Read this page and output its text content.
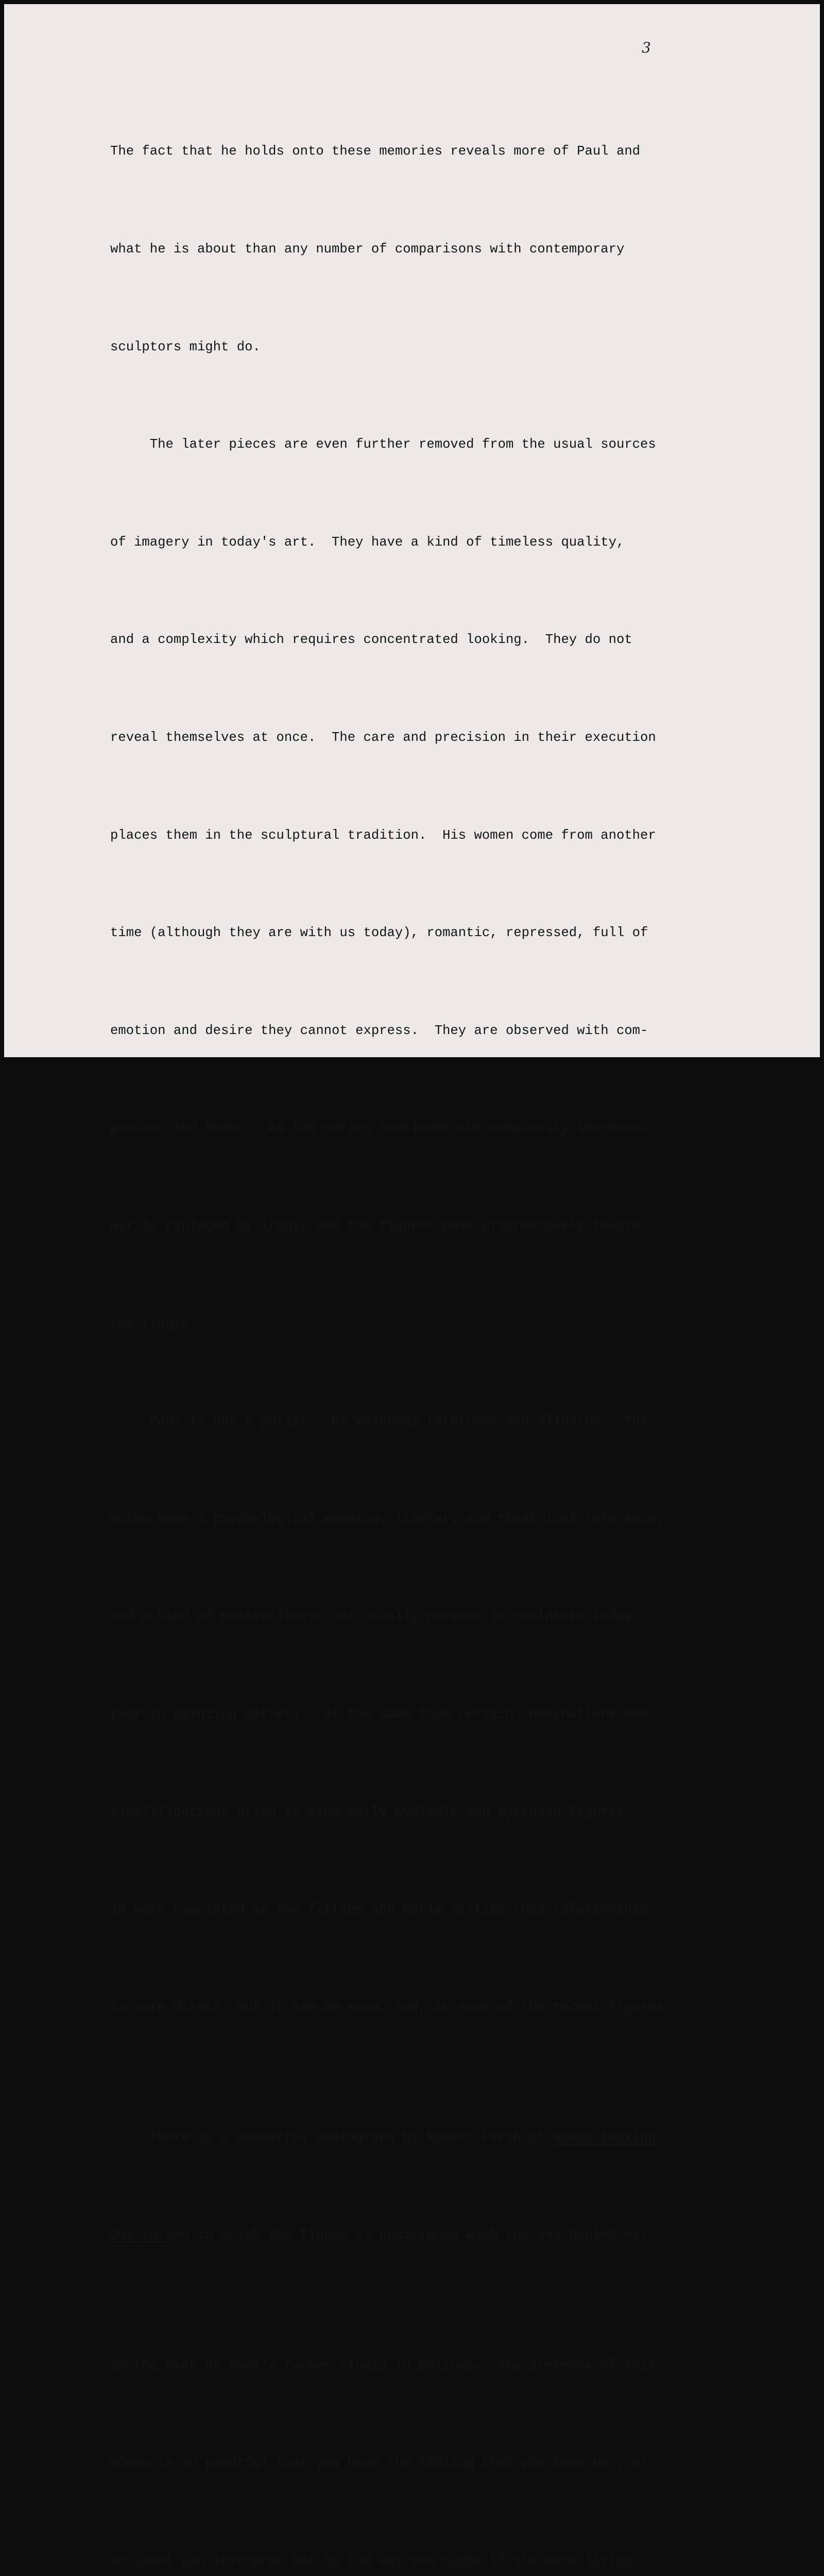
3

The fact that he holds onto these memories reveals more of Paul and

what he is about than any number of comparisons with contemporary

sculptors might do.

The later pieces are even further removed from the usual sources

of imagery in today's art.  They have a kind of timeless quality,

and a complexity which requires concentrated looking.  They do not

reveal themselves at once.  The care and precision in their execution

places them in the sculptural tradition.  His women come from another

time (although they are with us today), romantic, repressed, full of

emotion and desire they cannot express.  They are observed with com-

passion and humor.  As the series continues the complexity increases,

wit is replaced by irony, and the figures move progressively toward

the tragic.

Paul is not a purist.  He welcomes reference and allusion.  The

works have a psychological meaning, literary and theatrical reference,

and a kind of painterliness not usually present in sculpture today

(nor in painting either).  At the same time certain combinations and

simplifications bring to mind early Cycladic and Mycenean figures.

In work completed in the fifties and early sixties this relationship

is more direct, but it can be seen, too, in some of the recent figures.

There is a wonderful photograph by Robert Forth of Woman Looking

Out to Sea in which the figure is positioned with the sea behind her,

on the deck of Paul's former studio in Bolinas.  The presence of this

woman is so powerful that you have the feeling that you know her, or

at least can interpret her in the way you might if she were living
